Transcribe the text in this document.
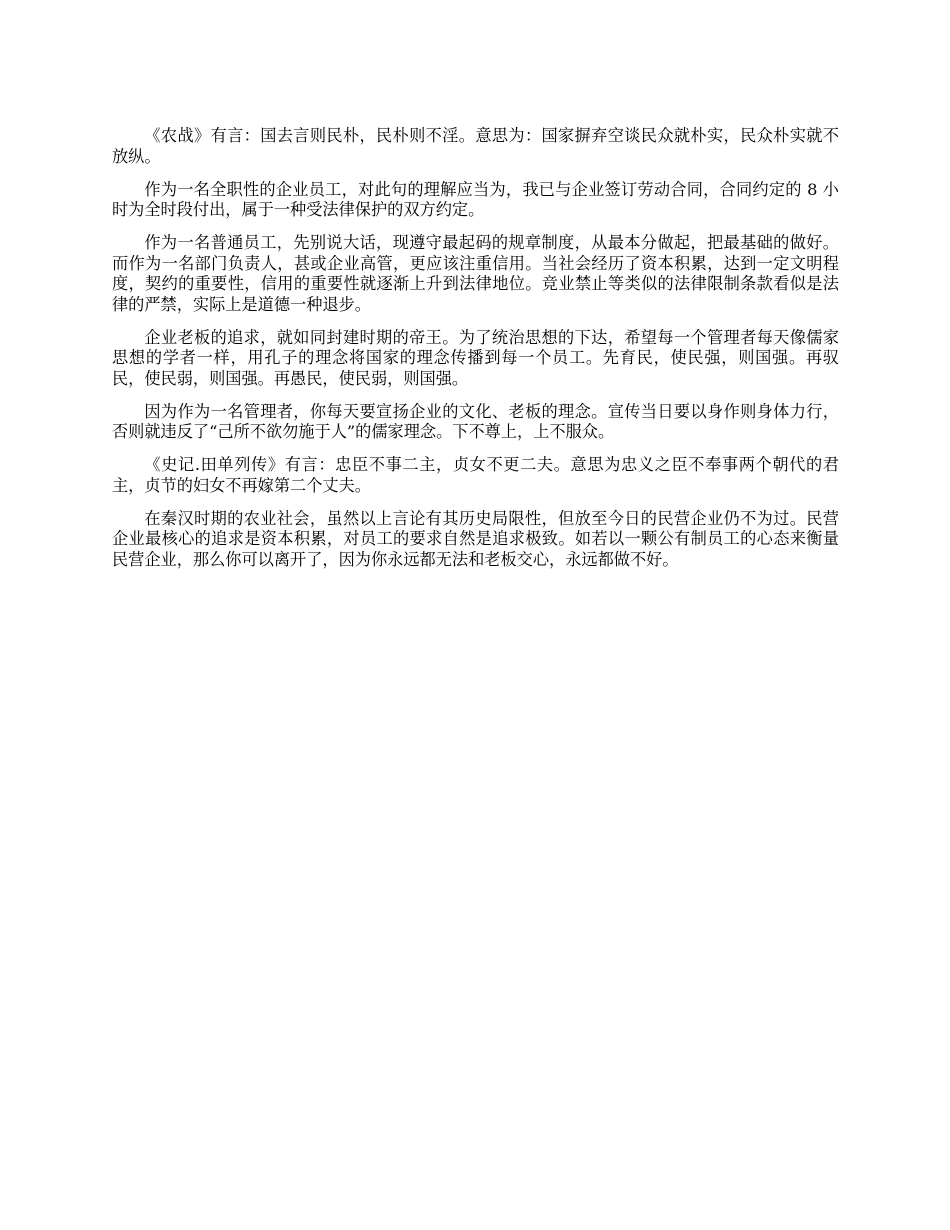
《农战》有言：国去言则民朴，民朴则不淫。意思为：国家摒弃空谈民众就朴实，民众朴实就不放纵。

作为一名全职性的企业员工，对此句的理解应当为，我已与企业签订劳动合同，合同约定的 8 小时为全时段付出，属于一种受法律保护的双方约定。

作为一名普通员工，先别说大话，现遵守最起码的规章制度，从最本分做起，把最基础的做好。而作为一名部门负责人，甚或企业高管，更应该注重信用。当社会经历了资本积累，达到一定文明程度，契约的重要性，信用的重要性就逐渐上升到法律地位。竞业禁止等类似的法律限制条款看似是法律的严禁，实际上是道德一种退步。

企业老板的追求，就如同封建时期的帝王。为了统治思想的下达，希望每一个管理者每天像儒家思想的学者一样，用孔子的理念将国家的理念传播到每一个员工。先育民，使民强，则国强。再驭民，使民弱，则国强。再愚民，使民弱，则国强。

因为作为一名管理者，你每天要宣扬企业的文化、老板的理念。宣传当日要以身作则身体力行，否则就违反了“己所不欲勿施于人”的儒家理念。下不尊上，上不服众。

《史记.田单列传》有言：忠臣不事二主，贞女不更二夫。意思为忠义之臣不奉事两个朝代的君主，贞节的妇女不再嫁第二个丈夫。

在秦汉时期的农业社会，虽然以上言论有其历史局限性，但放至今日的民营企业仍不为过。民营企业最核心的追求是资本积累，对员工的要求自然是追求极致。如若以一颗公有制员工的心态来衡量民营企业，那么你可以离开了，因为你永远都无法和老板交心，永远都做不好。
